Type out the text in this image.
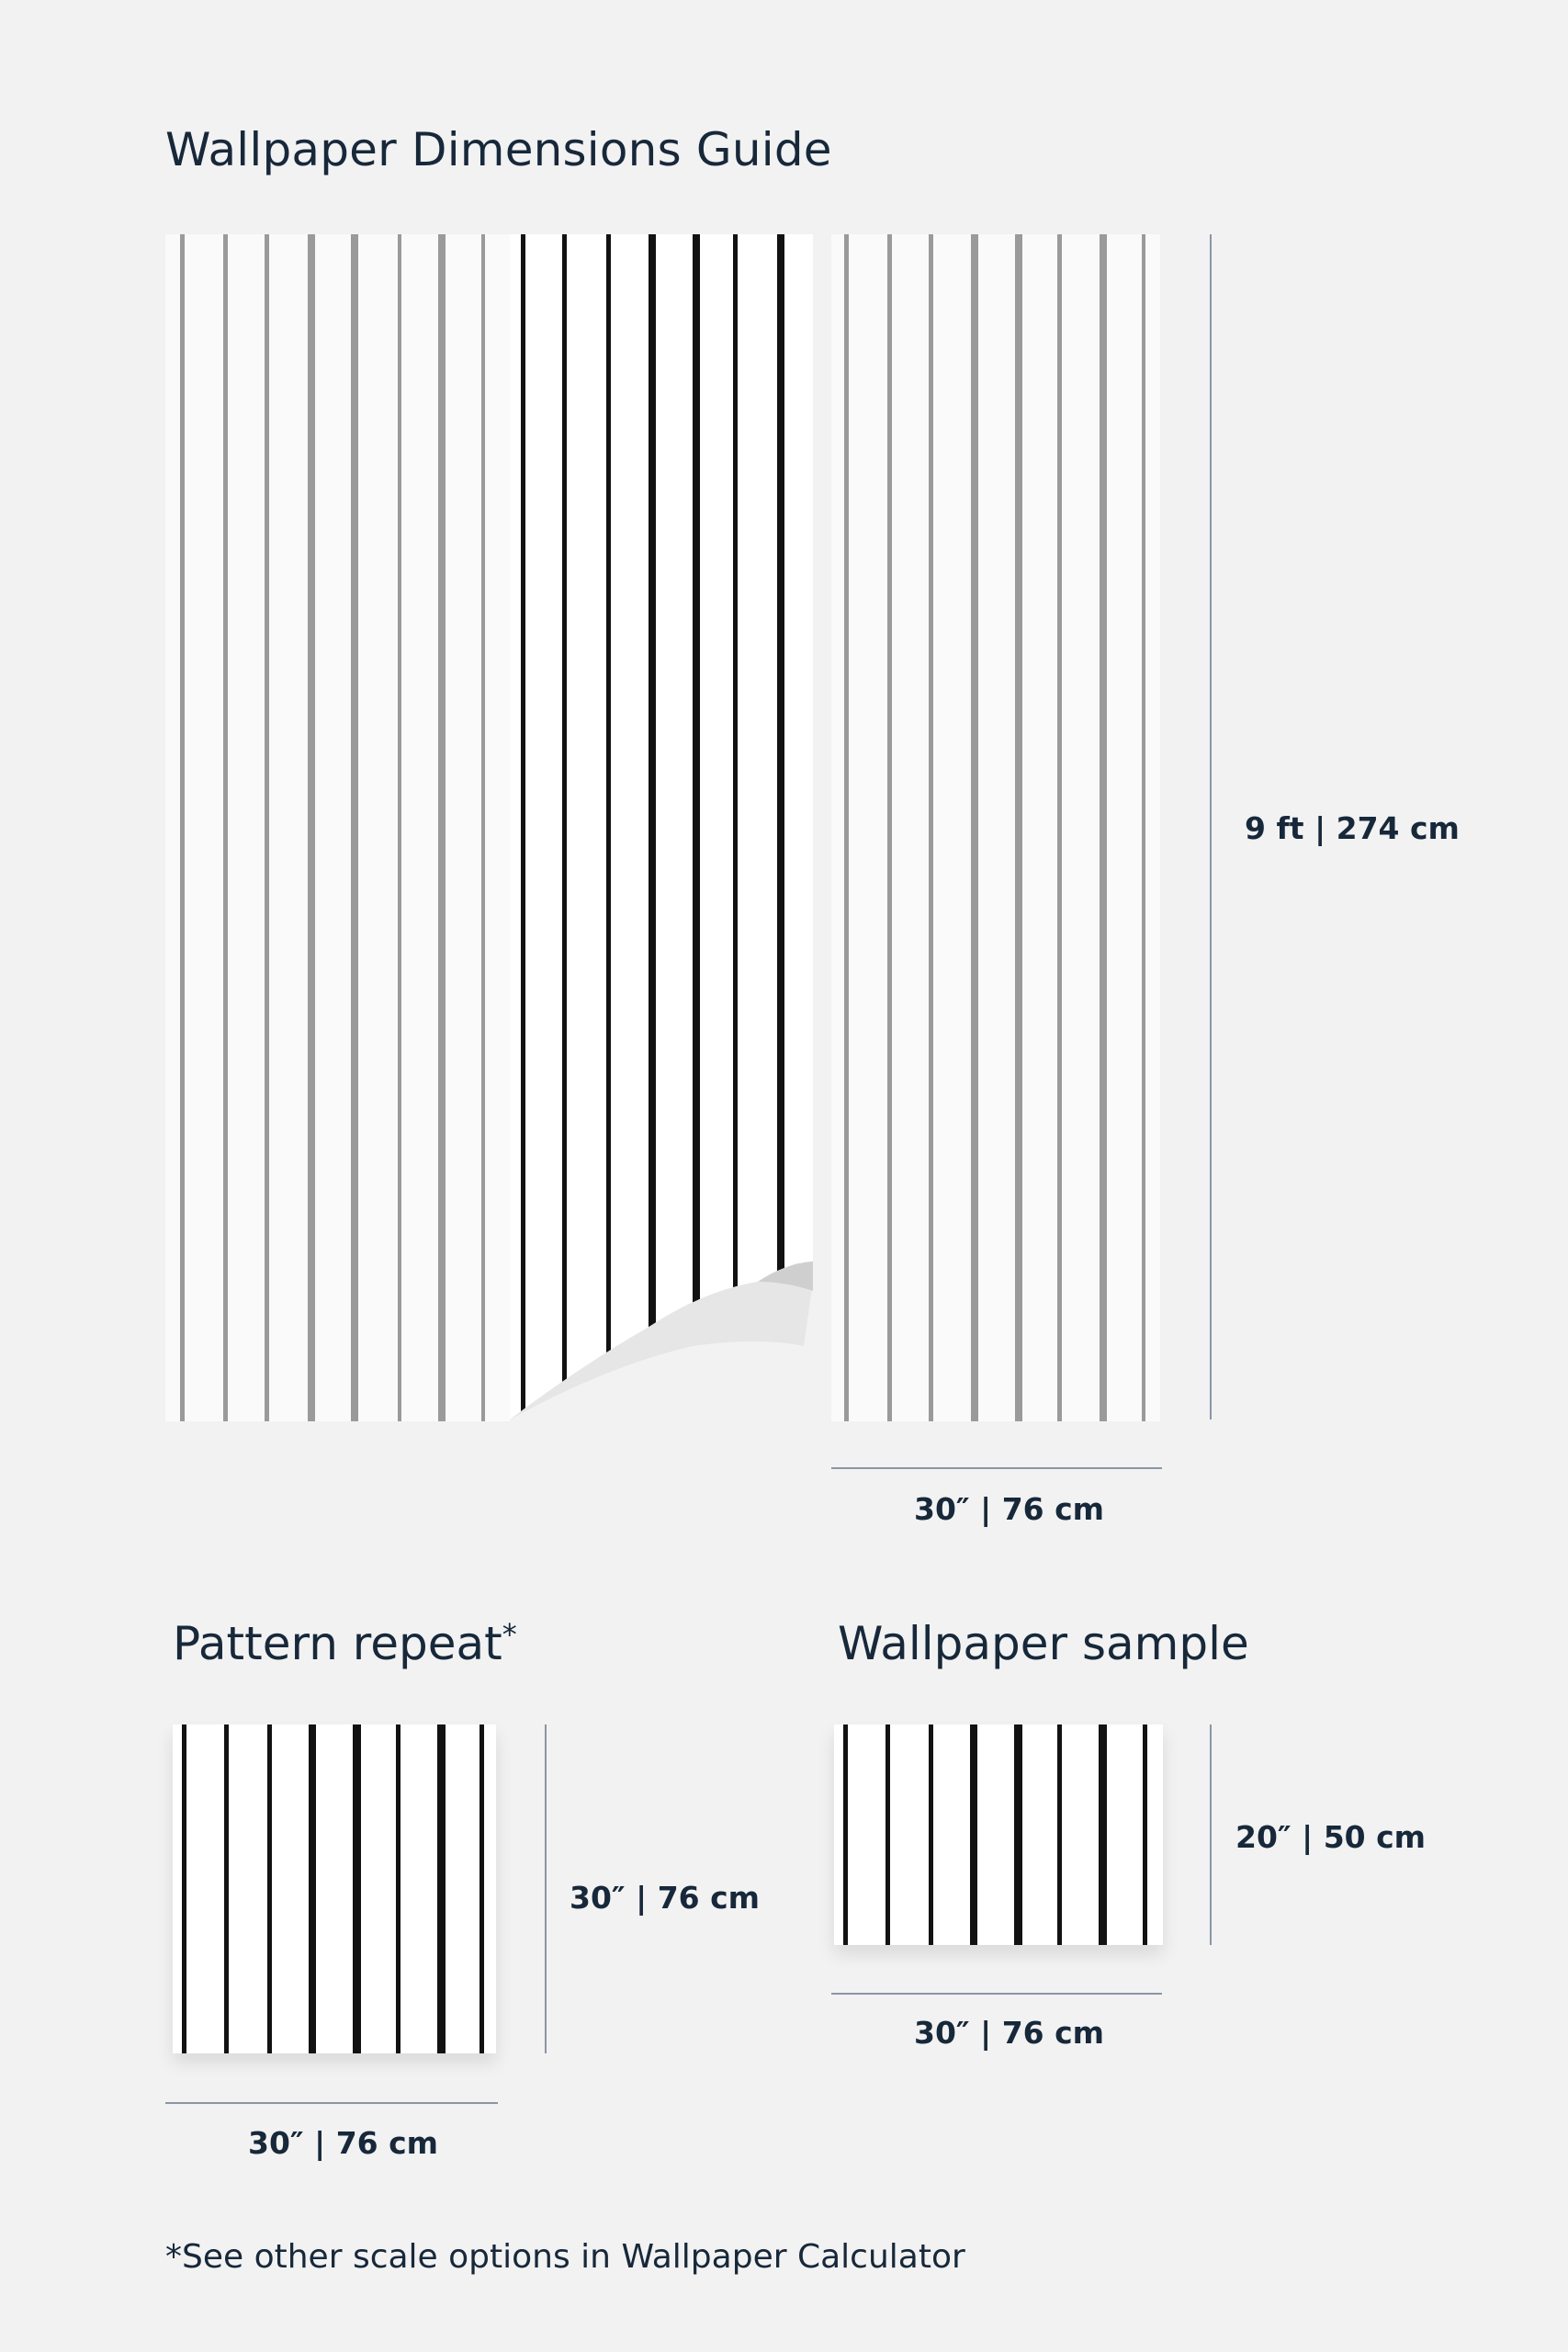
Wallpaper Dimensions Guide
9 ft | 274 cm
30″ | 76 cm
Pattern repeat*
30″ | 76 cm
30″ | 76 cm
Wallpaper sample
20″ | 50 cm
30″ | 76 cm
*See other scale options in Wallpaper Calculator
